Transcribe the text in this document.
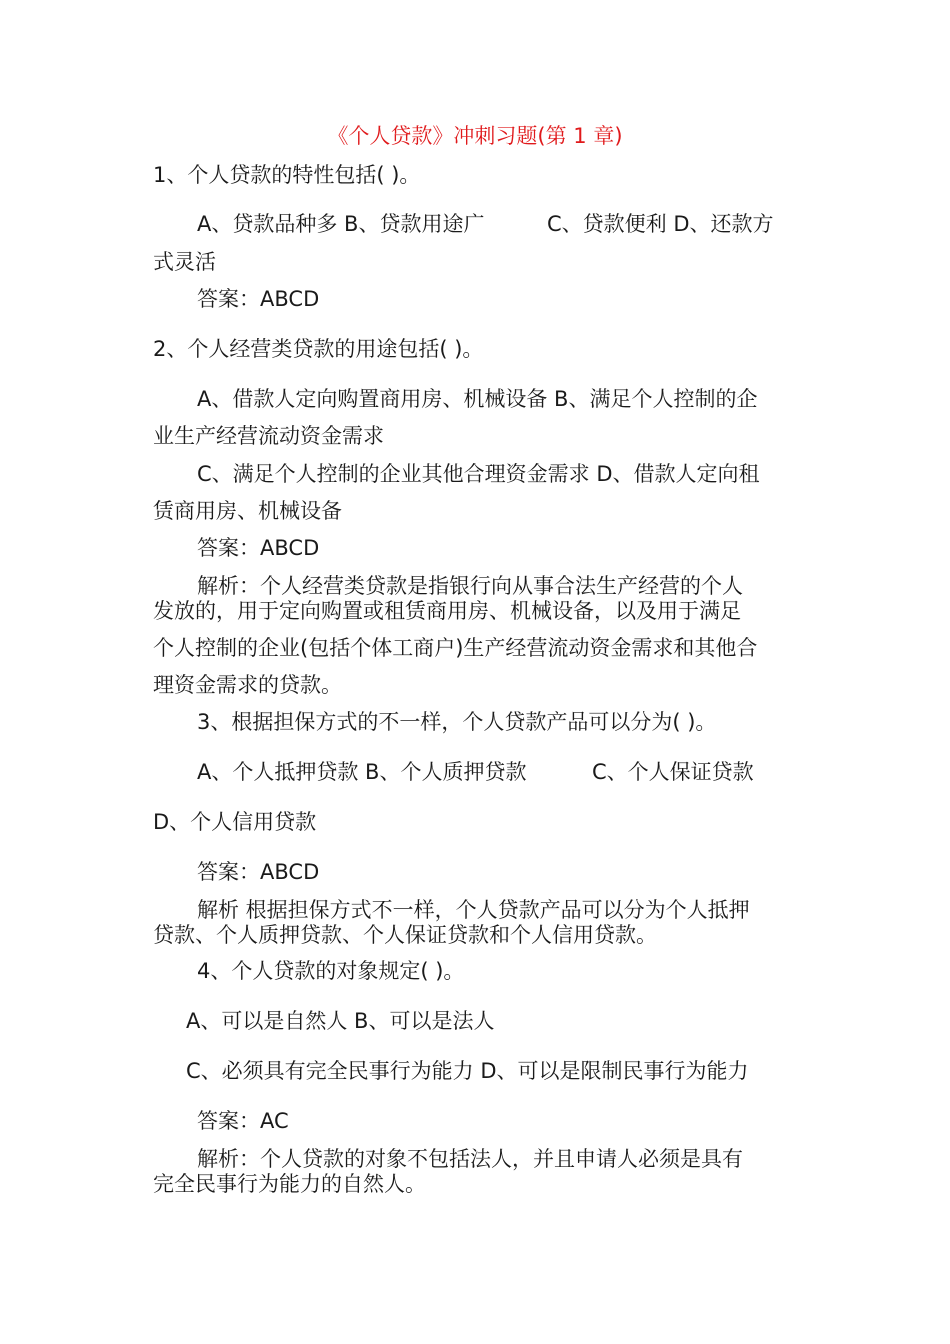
《个人贷款》冲刺习题(第 1 章)
1、个人贷款的特性包括( )。
A、贷款品种多 B、贷款用途广	C、贷款便利 D、还款方
式灵活
答案：ABCD
2、个人经营类贷款的用途包括( )。
A、借款人定向购置商用房、机械设备 B、满足个人控制的企
业生产经营流动资金需求
C、满足个人控制的企业其他合理资金需求 D、借款人定向租
赁商用房、机械设备
答案：ABCD
解析：个人经营类贷款是指银行向从事合法生产经营的个人
发放的，用于定向购置或租赁商用房、机械设备，以及用于满足
个人控制的企业(包括个体工商户)生产经营流动资金需求和其他合
理资金需求的贷款。
3、根据担保方式的不一样，个人贷款产品可以分为( )。
A、个人抵押贷款 B、个人质押贷款	C、个人保证贷款
D、个人信用贷款
答案：ABCD
解析 根据担保方式不一样，个人贷款产品可以分为个人抵押
贷款、个人质押贷款、个人保证贷款和个人信用贷款。
4、个人贷款的对象规定( )。
A、可以是自然人 B、可以是法人
C、必须具有完全民事行为能力 D、可以是限制民事行为能力
答案：AC
解析：个人贷款的对象不包括法人，并且申请人必须是具有
完全民事行为能力的自然人。
